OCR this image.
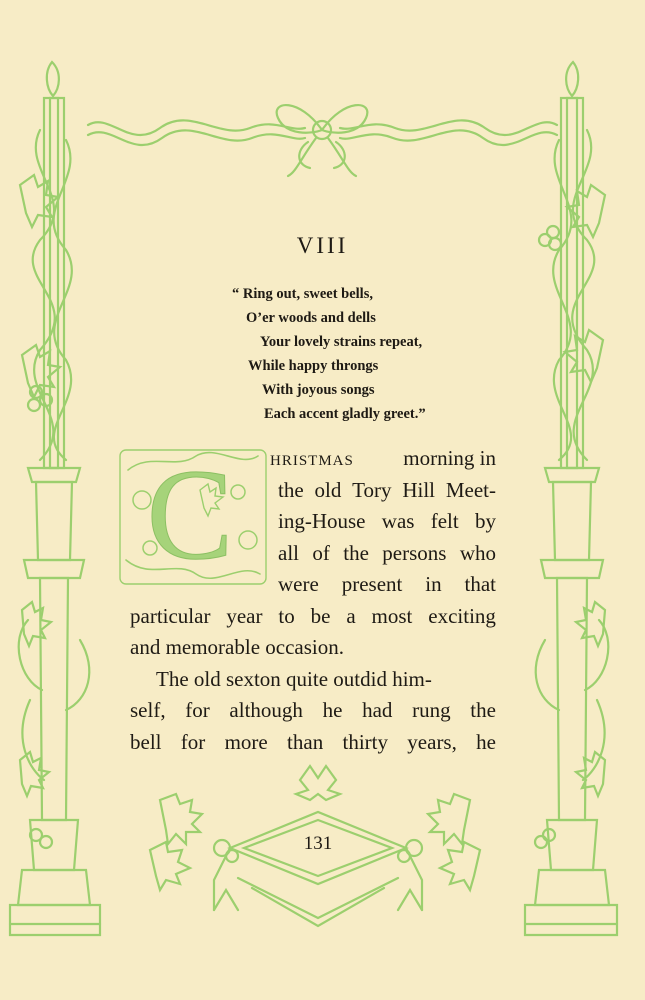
VIII
“ Ring out, sweet bells,
O’er woods and dells
Your lovely strains repeat,
While happy throngs
With joyous songs
Each accent gladly greet.”
C hristmas morning in
the old Tory Hill Meet-
ing-House was felt by
all of the persons who
were present in that
particular year to be a most exciting
and memorable occasion.
The old sexton quite outdid him-
self, for although he had rung the
bell for more than thirty years, he
131
